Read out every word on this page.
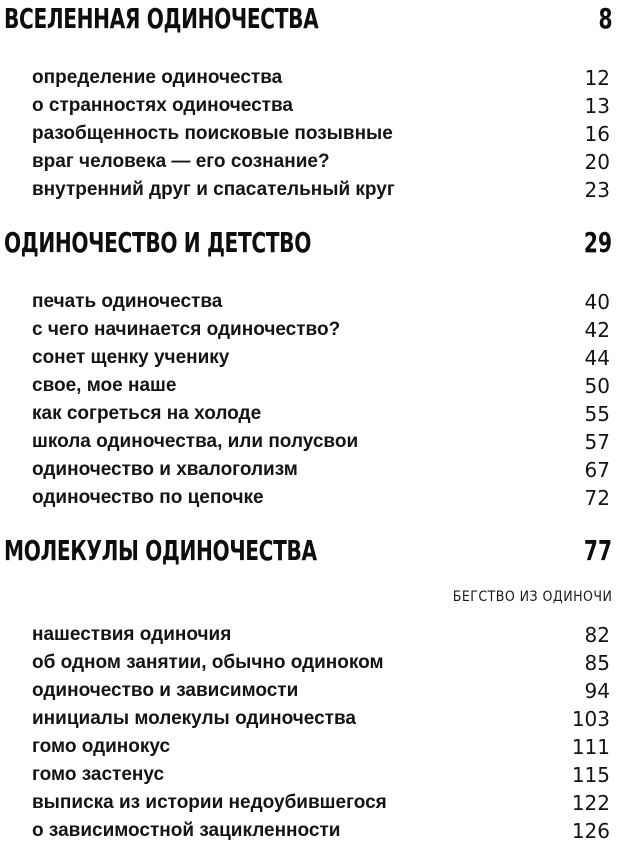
ВСЕЛЕННАЯ ОДИНОЧЕСТВА	8
определение одиночества	12
о странностях одиночества	13
разобщенность поисковые позывные	16
враг человека — его сознание?	20
внутренний друг и спасательный круг	23
ОДИНОЧЕСТВО И ДЕТСТВО	29
печать одиночества	40
с чего начинается одиночество?	42
сонет щенку ученику	44
свое, мое наше	50
как согреться на холоде	55
школа одиночества, или полусвои	57
одиночество и хвалоголизм	67
одиночество по цепочке	72
МОЛЕКУЛЫ ОДИНОЧЕСТВА	77
БЕГСТВО ИЗ ОДИНОЧИ
нашествия одиночия	82
об одном занятии, обычно одиноком	85
одиночество и зависимости	94
инициалы молекулы одиночества	103
гомо одинокус	111
гомо застенус	115
выписка из истории недоубившегося	122
о зависимостной зацикленности	126
